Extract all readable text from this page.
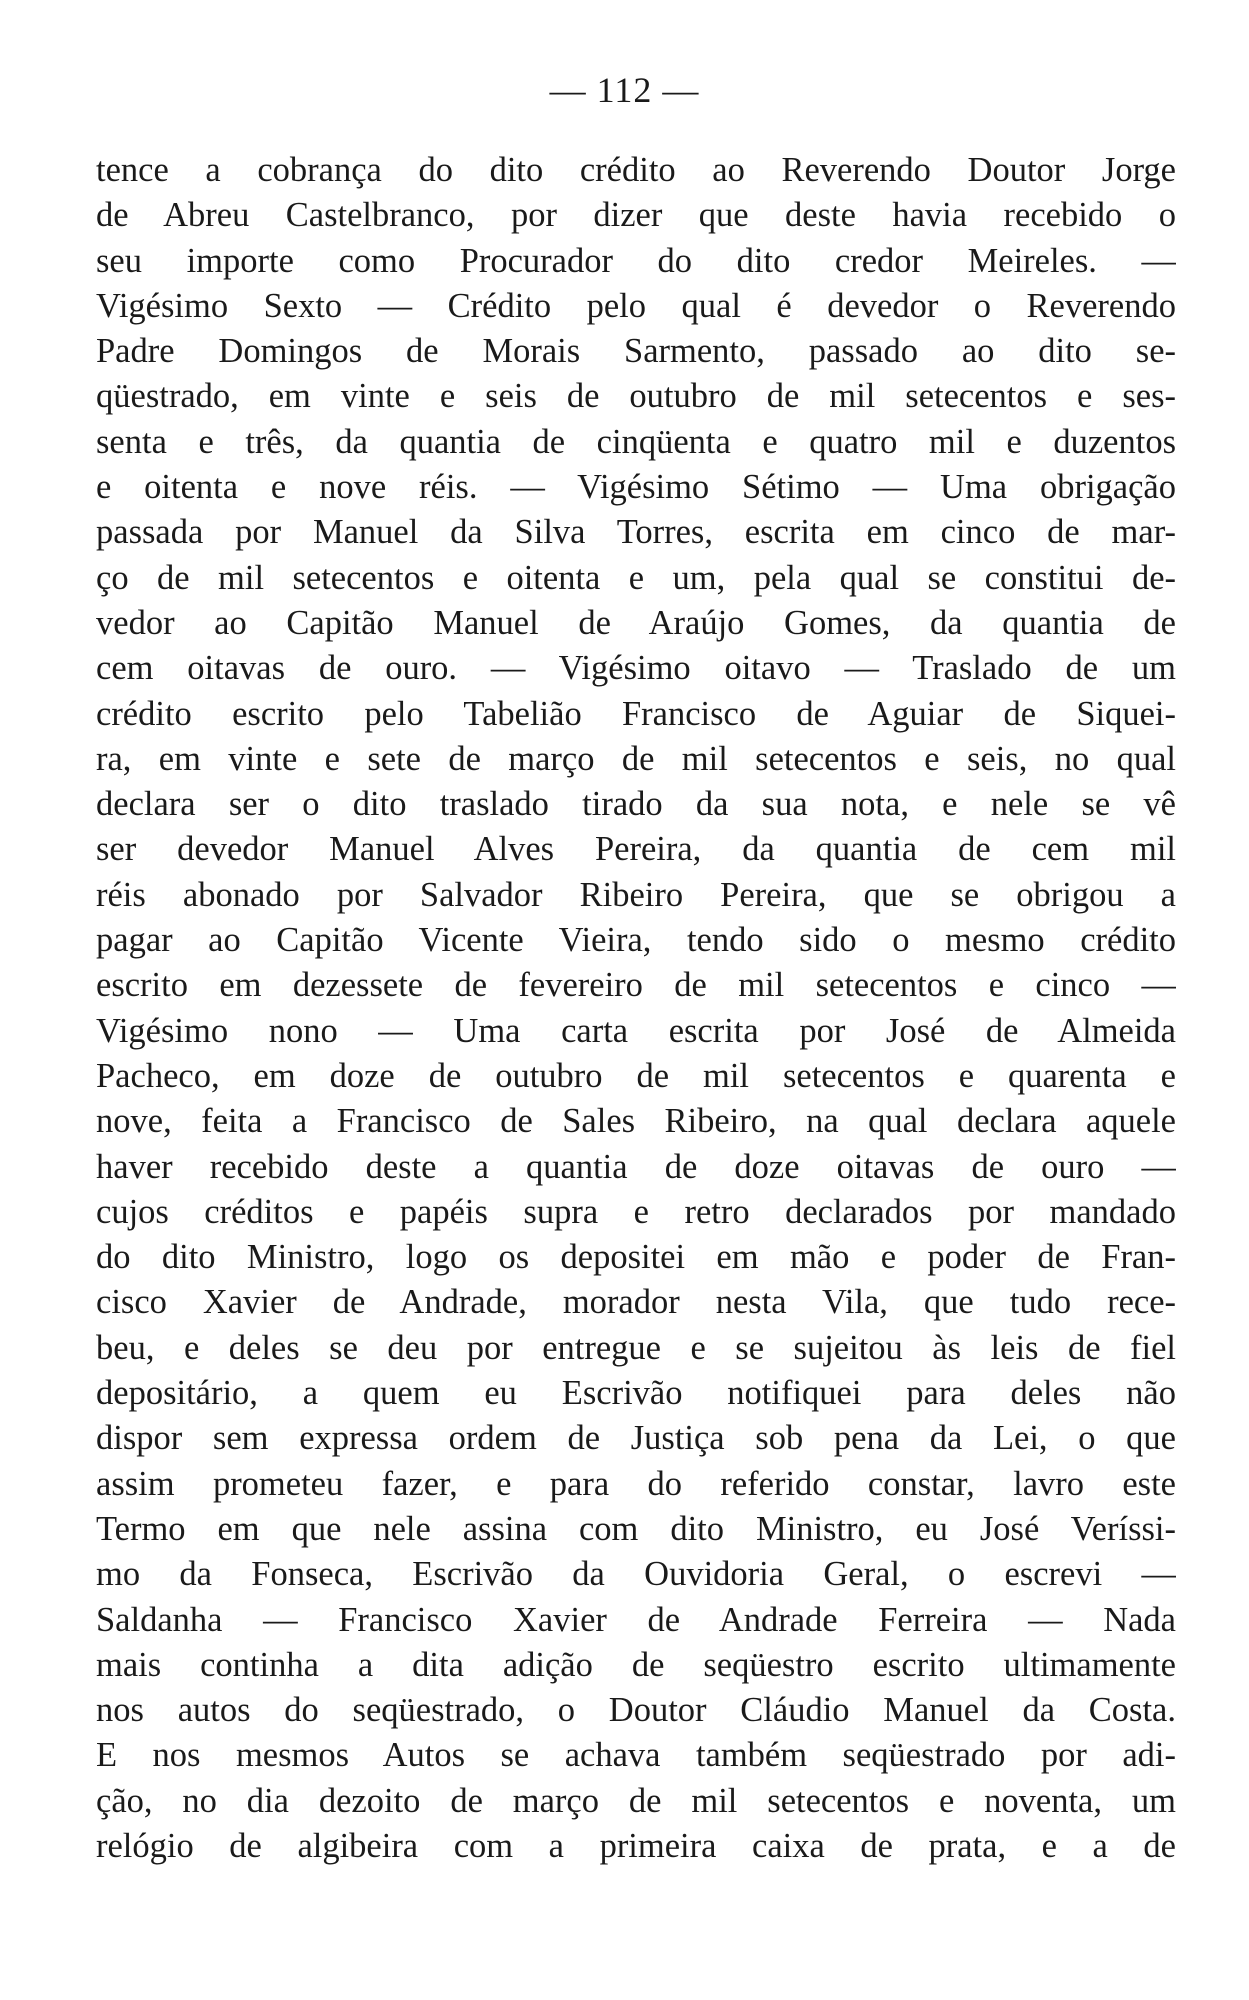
— 112 —
tence a cobrança do dito crédito ao Reverendo Doutor Jorge
de Abreu Castelbranco, por dizer que deste havia recebido o
seu importe como Procurador do dito credor Meireles. —
Vigésimo Sexto — Crédito pelo qual é devedor o Reverendo
Padre Domingos de Morais Sarmento, passado ao dito se-
qüestrado, em vinte e seis de outubro de mil setecentos e ses-
senta e três, da quantia de cinqüenta e quatro mil e duzentos
e oitenta e nove réis. — Vigésimo Sétimo — Uma obrigação
passada por Manuel da Silva Torres, escrita em cinco de mar-
ço de mil setecentos e oitenta e um, pela qual se constitui de-
vedor ao Capitão Manuel de Araújo Gomes, da quantia de
cem oitavas de ouro. — Vigésimo oitavo — Traslado de um
crédito escrito pelo Tabelião Francisco de Aguiar de Siquei-
ra, em vinte e sete de março de mil setecentos e seis, no qual
declara ser o dito traslado tirado da sua nota, e nele se vê
ser devedor Manuel Alves Pereira, da quantia de cem mil
réis abonado por Salvador Ribeiro Pereira, que se obrigou a
pagar ao Capitão Vicente Vieira, tendo sido o mesmo crédito
escrito em dezessete de fevereiro de mil setecentos e cinco —
Vigésimo nono — Uma carta escrita por José de Almeida
Pacheco, em doze de outubro de mil setecentos e quarenta e
nove, feita a Francisco de Sales Ribeiro, na qual declara aquele
haver recebido deste a quantia de doze oitavas de ouro —
cujos créditos e papéis supra e retro declarados por mandado
do dito Ministro, logo os depositei em mão e poder de Fran-
cisco Xavier de Andrade, morador nesta Vila, que tudo rece-
beu, e deles se deu por entregue e se sujeitou às leis de fiel
depositário, a quem eu Escrivão notifiquei para deles não
dispor sem expressa ordem de Justiça sob pena da Lei, o que
assim prometeu fazer, e para do referido constar, lavro este
Termo em que nele assina com dito Ministro, eu José Veríssi-
mo da Fonseca, Escrivão da Ouvidoria Geral, o escrevi —
Saldanha — Francisco Xavier de Andrade Ferreira — Nada
mais continha a dita adição de seqüestro escrito ultimamente
nos autos do seqüestrado, o Doutor Cláudio Manuel da Costa.
E nos mesmos Autos se achava também seqüestrado por adi-
ção, no dia dezoito de março de mil setecentos e noventa, um
relógio de algibeira com a primeira caixa de prata, e a de
